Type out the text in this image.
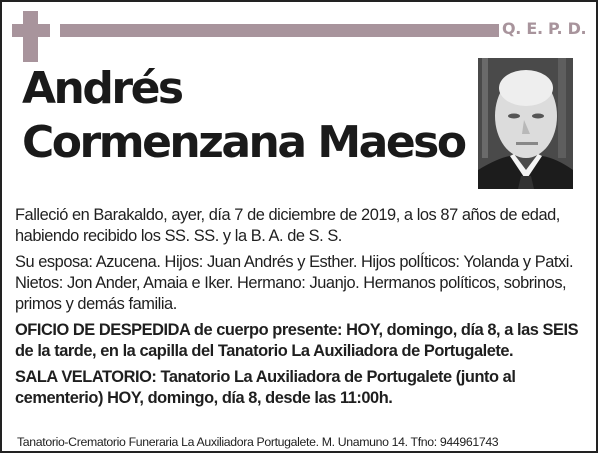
Q. E. P. D.
Andrés
Cormenzana Maeso

Falleció en Barakaldo, ayer, día 7 de diciembre de 2019, a los 87 años de edad, habiendo recibido los SS. SS. y la B. A. de S. S.

Su esposa: Azucena. Hijos: Juan Andrés y Esther. Hijos polÍticos: Yolanda y Patxi. Nietos: Jon Ander, Amaia e Iker. Hermano: Juanjo. Hermanos políticos, sobrinos, primos y demás familia.

OFICIO DE DESPEDIDA de cuerpo presente: HOY, domingo, día 8, a las SEIS de la tarde, en la capilla del Tanatorio La Auxiliadora de Portugalete.

SALA VELATORIO: Tanatorio La Auxiliadora de Portugalete (junto al cementerio) HOY, domingo, día 8, desde las 11:00h.

Tanatorio-Crematorio Funeraria La Auxiliadora Portugalete. M. Unamuno 14. Tfno: 944961743
